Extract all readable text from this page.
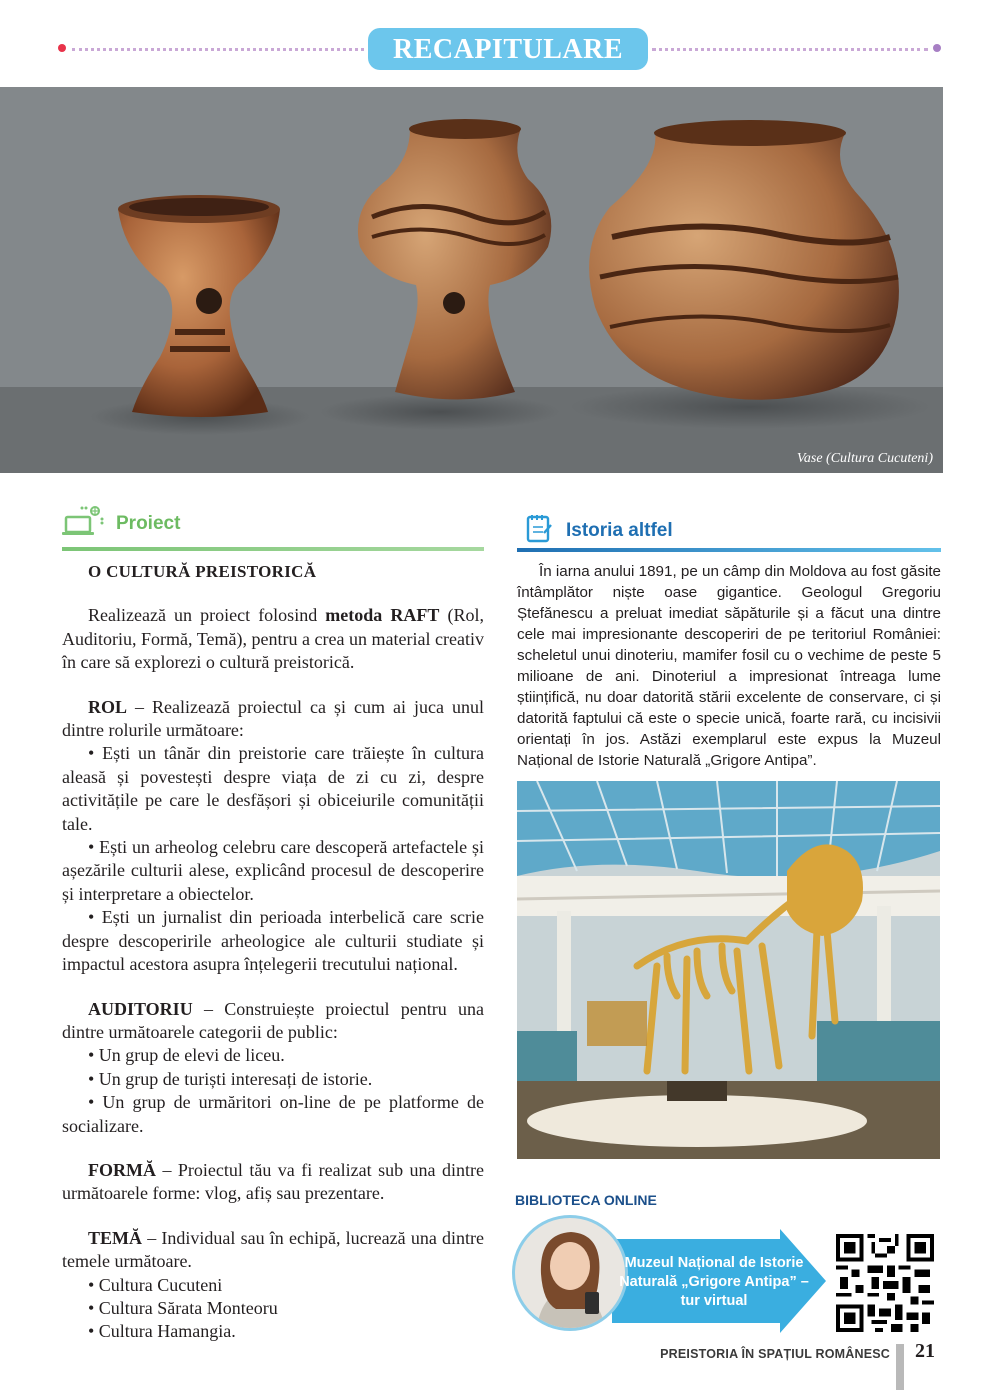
RECAPITULARE
Vase (Cultura Cucuteni)
Proiect

O CULTURĂ PREISTORICĂ

Realizează un proiect folosind metoda RAFT (Rol, Auditoriu, Formă, Temă), pentru a crea un material creativ în care să explorezi o cultură preistorică.

ROL – Realizează proiectul ca și cum ai juca unul dintre rolurile următoare:

• Ești un tânăr din preistorie care trăiește în cultura aleasă și povestești despre viața de zi cu zi, despre activitățile pe care le desfășori și obiceiurile comunității tale.

• Ești un arheolog celebru care descoperă artefactele și așezările culturii alese, explicând procesul de descoperire și interpretare a obiectelor.

• Ești un jurnalist din perioada interbelică care scrie despre descoperirile arheologice ale culturii studiate și impactul acestora asupra înțelegerii trecutului național.

AUDITORIU – Construiește proiectul pentru una dintre următoarele categorii de public:

• Un grup de elevi de liceu.

• Un grup de turiști interesați de istorie.

• Un grup de urmăritori on-line de pe platforme de socializare.

FORMĂ – Proiectul tău va fi realizat sub una dintre următoarele forme: vlog, afiș sau prezentare.

TEMĂ – Individual sau în echipă, lucrează una dintre temele următoare.

• Cultura Cucuteni

• Cultura Sărata Monteoru

• Cultura Hamangia.

Istoria altfel
În iarna anului 1891, pe un câmp din Moldova au fost găsite întâmplător niște oase gigantice. Geologul Gregoriu Ștefănescu a preluat imediat săpăturile și a făcut una dintre cele mai impresionante descoperiri de pe teritoriul României: scheletul unui dinoteriu, mamifer fosil cu o vechime de peste 5 milioane de ani. Dinoteriul a impresionat întreaga lume științifică, nu doar datorită stării excelente de conservare, ci și datorită faptului că este o specie unică, foarte rară, cu incisivii orientați în jos. Astăzi exemplarul este expus la Muzeul Național de Istorie Naturală „Grigore Antipa”.
BIBLIOTECA ONLINE
Muzeul Național de Istorie Naturală „Grigore Antipa” – tur virtual
PREISTORIA ÎN SPAȚIUL ROMÂNESC 21
